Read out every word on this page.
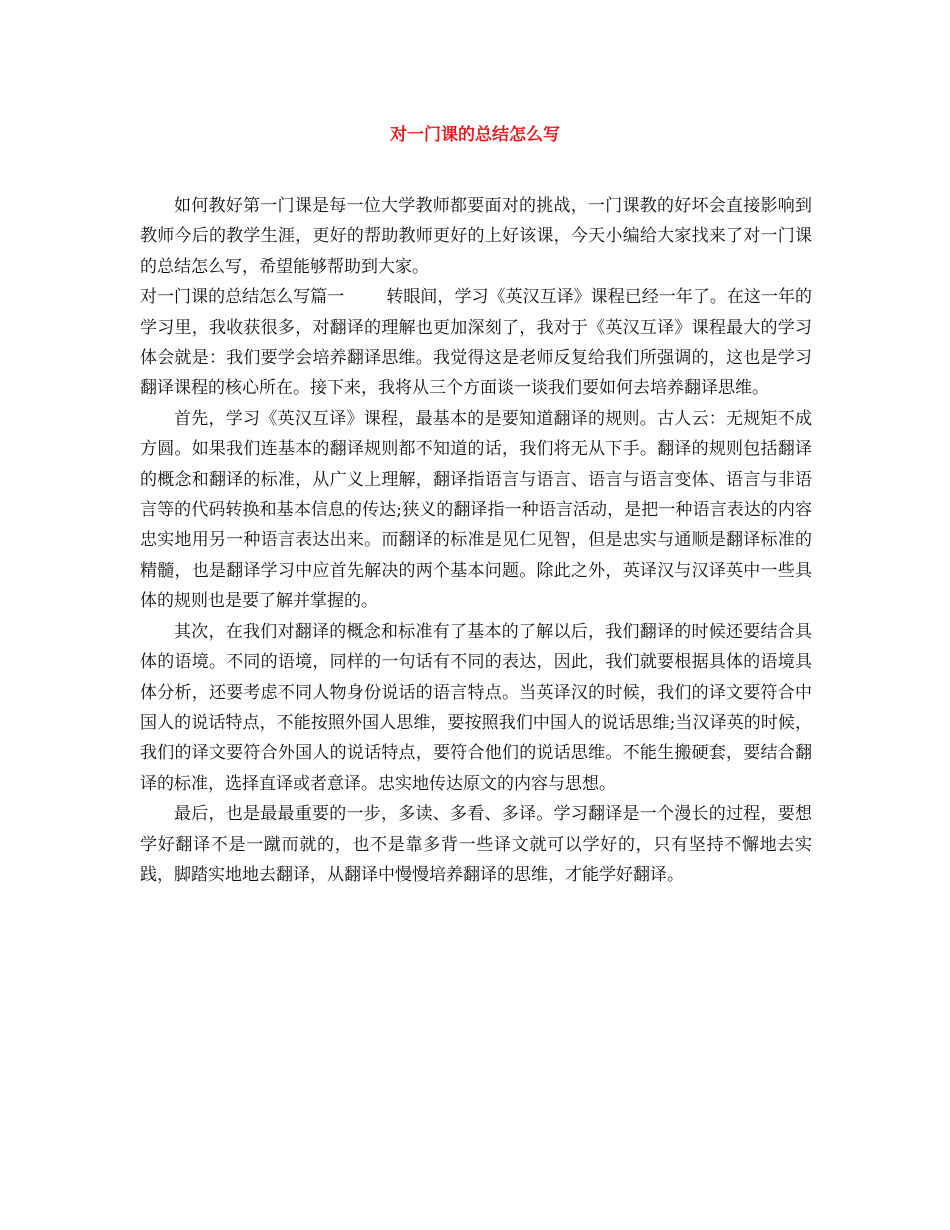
对一门课的总结怎么写

如何教好第一门课是每一位大学教师都要面对的挑战，一门课教的好坏会直接影响到教师今后的教学生涯，更好的帮助教师更好的上好该课，今天小编给大家找来了对一门课的总结怎么写，希望能够帮助到大家。

对一门课的总结怎么写篇一 转眼间，学习《英汉互译》课程已经一年了。在这一年的学习里，我收获很多，对翻译的理解也更加深刻了，我对于《英汉互译》课程最大的学习体会就是：我们要学会培养翻译思维。我觉得这是老师反复给我们所强调的，这也是学习翻译课程的核心所在。接下来，我将从三个方面谈一谈我们要如何去培养翻译思维。

首先，学习《英汉互译》课程，最基本的是要知道翻译的规则。古人云：无规矩不成方圆。如果我们连基本的翻译规则都不知道的话，我们将无从下手。翻译的规则包括翻译的概念和翻译的标准，从广义上理解，翻译指语言与语言、语言与语言变体、语言与非语言等的代码转换和基本信息的传达;狭义的翻译指一种语言活动，是把一种语言表达的内容忠实地用另一种语言表达出来。而翻译的标准是见仁见智，但是忠实与通顺是翻译标准的精髓，也是翻译学习中应首先解决的两个基本问题。除此之外，英译汉与汉译英中一些具体的规则也是要了解并掌握的。

其次，在我们对翻译的概念和标准有了基本的了解以后，我们翻译的时候还要结合具体的语境。不同的语境，同样的一句话有不同的表达，因此，我们就要根据具体的语境具体分析，还要考虑不同人物身份说话的语言特点。当英译汉的时候，我们的译文要符合中国人的说话特点，不能按照外国人思维，要按照我们中国人的说话思维;当汉译英的时候，我们的译文要符合外国人的说话特点，要符合他们的说话思维。不能生搬硬套，要结合翻译的标准，选择直译或者意译。忠实地传达原文的内容与思想。

最后，也是最最重要的一步，多读、多看、多译。学习翻译是一个漫长的过程，要想学好翻译不是一蹴而就的，也不是靠多背一些译文就可以学好的，只有坚持不懈地去实践，脚踏实地地去翻译，从翻译中慢慢培养翻译的思维，才能学好翻译。
